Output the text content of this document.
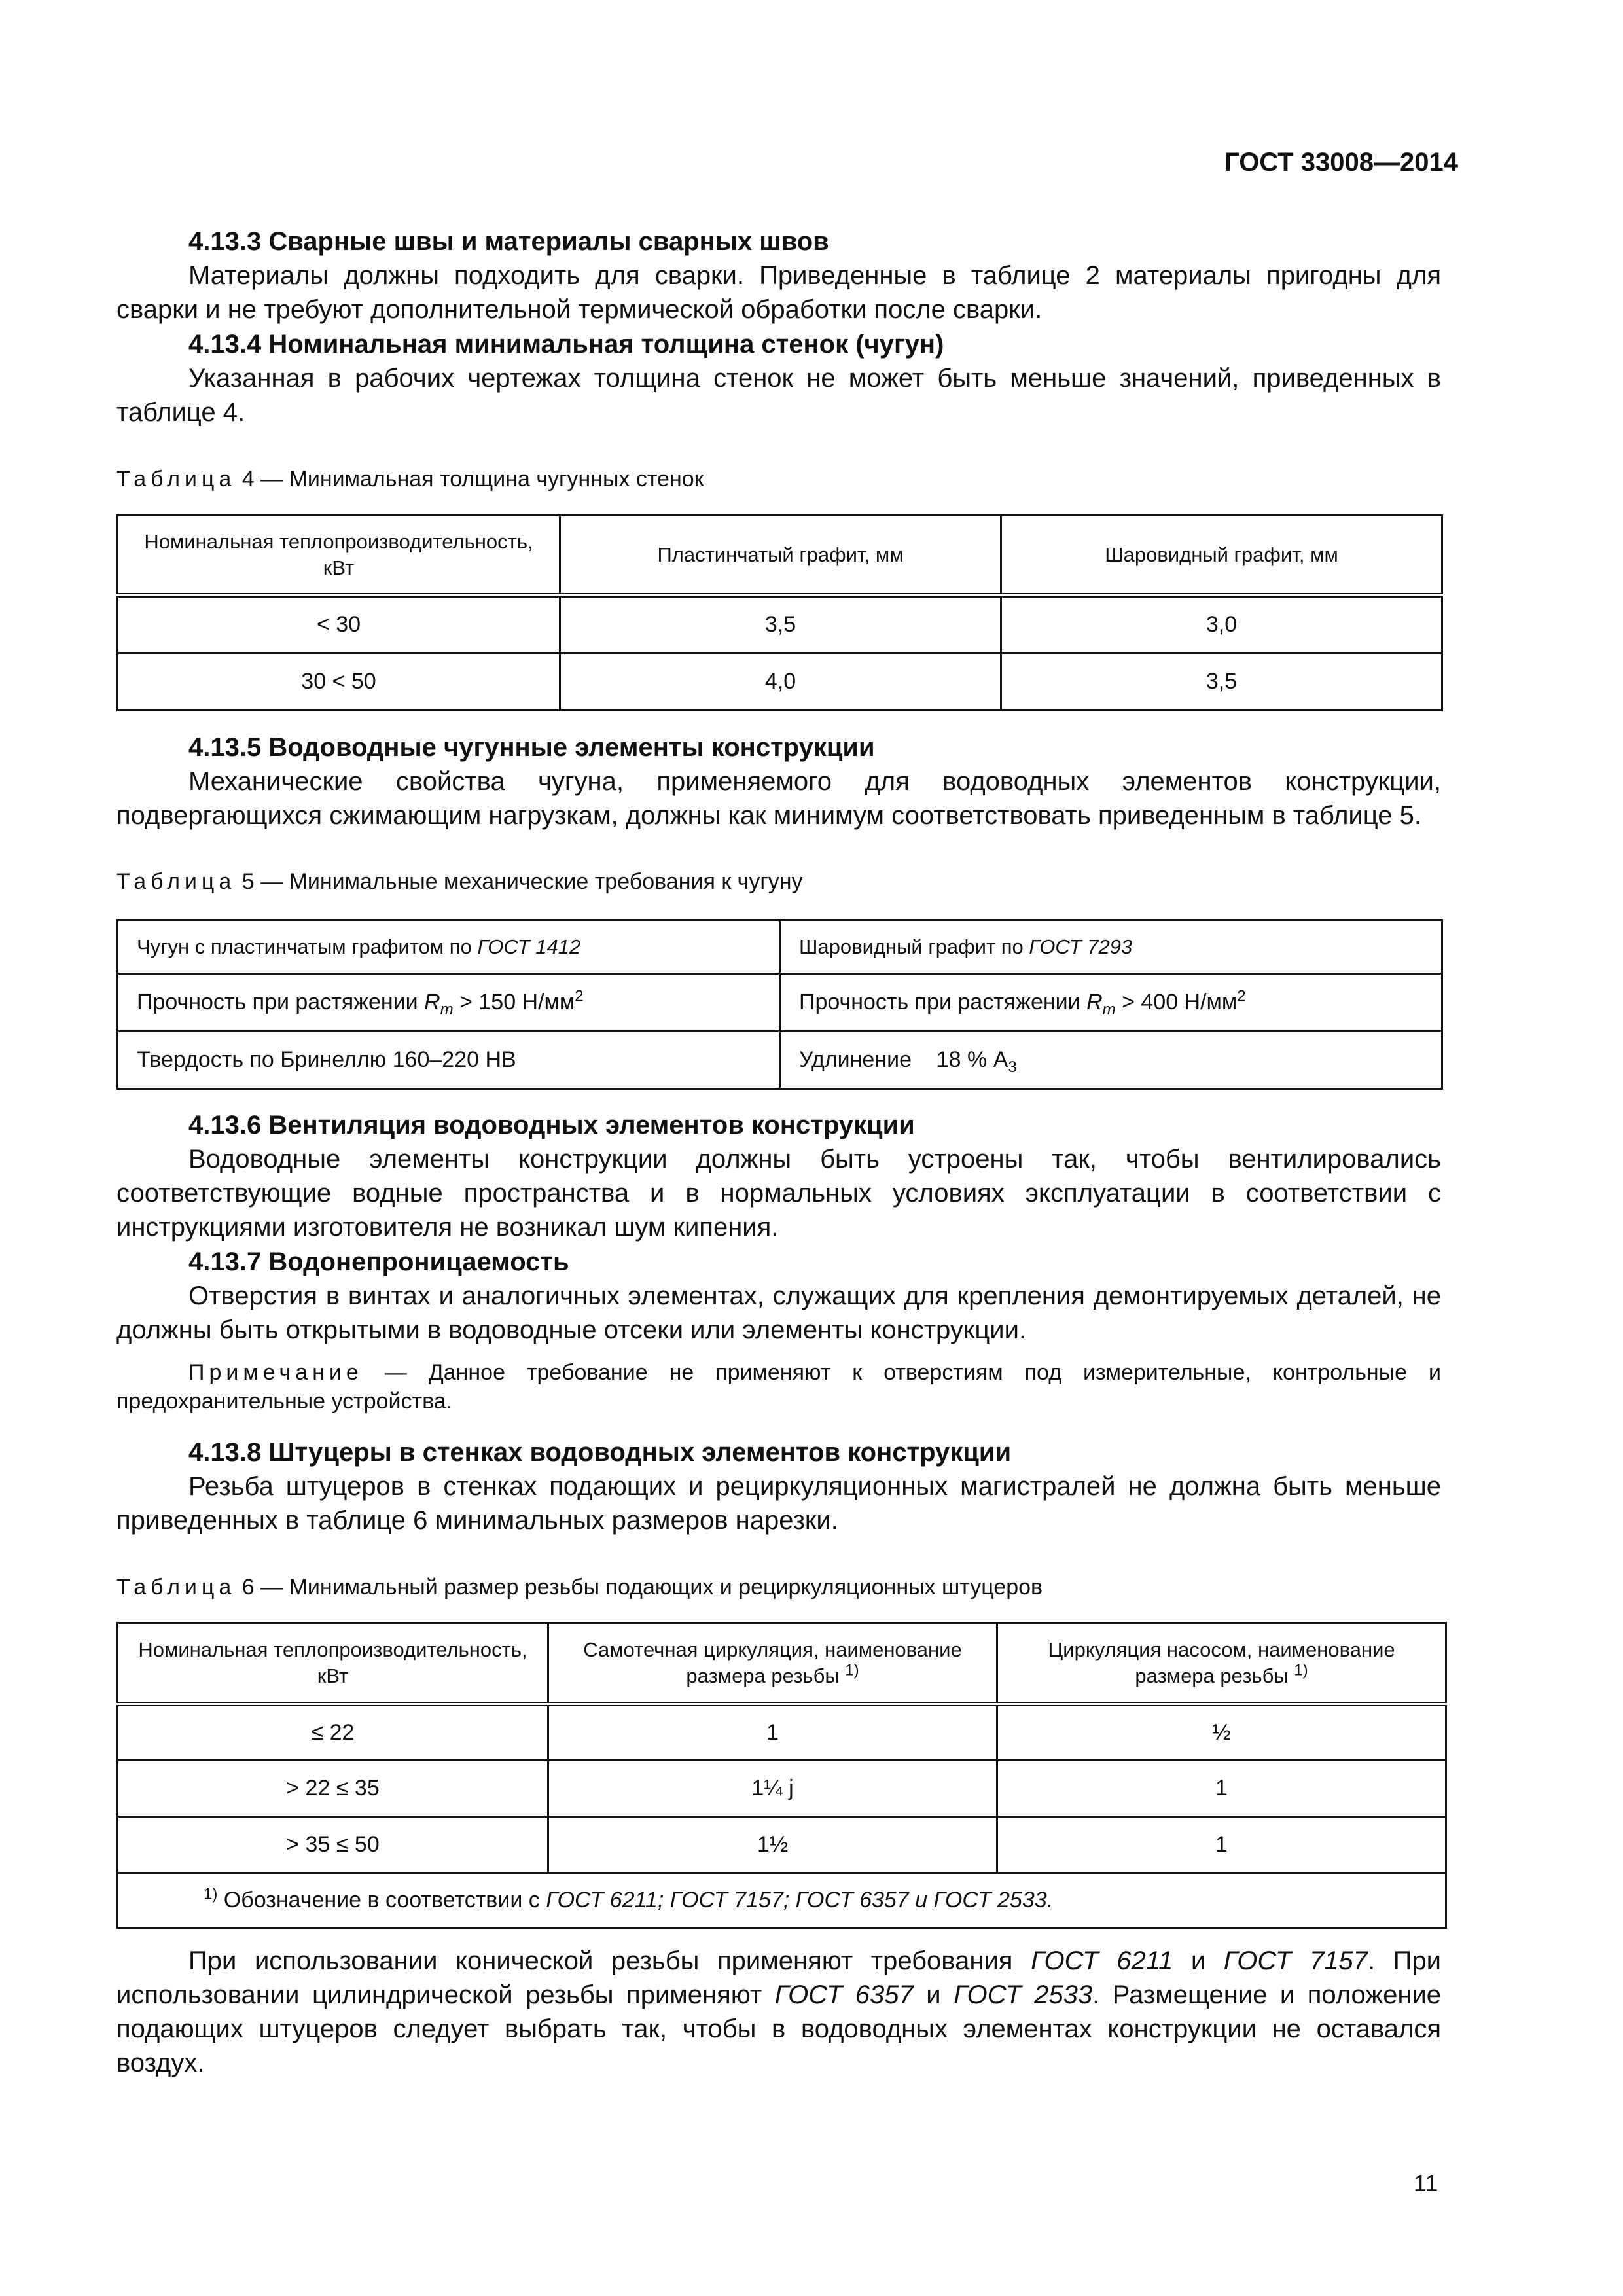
ГОСТ 33008—2014
4.13.3 Сварные швы и материалы сварных швов
Материалы должны подходить для сварки. Приведенные в таблице 2 материалы пригодны для сварки и не требуют дополнительной термической обработки после сварки.
4.13.4 Номинальная минимальная толщина стенок (чугун)
Указанная в рабочих чертежах толщина стенок не может быть меньше значений, приведенных в таблице 4.
Таблица 4 — Минимальная толщина чугунных стенок
Номинальная теплопроизводительность, кВт	Пластинчатый графит, мм	Шаровидный графит, мм
< 30	3,5	3,0
30 < 50	4,0	3,5
4.13.5 Водоводные чугунные элементы конструкции
Механические свойства чугуна, применяемого для водоводных элементов конструкции, подвергающихся сжимающим нагрузкам, должны как минимум соответствовать приведенным в таблице 5.
Таблица 5 — Минимальные механические требования к чугуну
Чугун с пластинчатым графитом по ГОСТ 1412	Шаровидный графит по ГОСТ 7293
Прочность при растяжении $R_m > 150$ $Н/мм^2$	Прочность при растяжении $R_m > 400$ $Н/мм^2$
Твердость по Бринеллю 160–220 НВ	Удлинение    18 % $А_3$
4.13.6 Вентиляция водоводных элементов конструкции
Водоводные элементы конструкции должны быть устроены так, чтобы вентилировались соответствующие водные пространства и в нормальных условиях эксплуатации в соответствии с инструкциями изготовителя не возникал шум кипения.
4.13.7 Водонепроницаемость
Отверстия в винтах и аналогичных элементах, служащих для крепления демонтируемых деталей, не должны быть открытыми в водоводные отсеки или элементы конструкции.
Примечание — Данное требование не применяют к отверстиям под измерительные, контрольные и предохранительные устройства.
4.13.8 Штуцеры в стенках водоводных элементов конструкции
Резьба штуцеров в стенках подающих и рециркуляционных магистралей не должна быть меньше приведенных в таблице 6 минимальных размеров нарезки.
Таблица 6 — Минимальный размер резьбы подающих и рециркуляционных штуцеров
Номинальная теплопроизводительность, кВт	Самотечная циркуляция, наименование размера резьбы $^{1)}$	Циркуляция насосом, наименование размера резьбы $^{1)}$
≤ 22	1	½
> 22 ≤ 35	1¼ j	1
> 35 ≤ 50	1½	1
$^{1)}$ Обозначение в соответствии с ГОСТ 6211; ГОСТ 7157; ГОСТ 6357 и ГОСТ 2533.		
При использовании конической резьбы применяют требования ГОСТ 6211 и ГОСТ 7157. При использовании цилиндрической резьбы применяют ГОСТ 6357 и ГОСТ 2533. Размещение и положение подающих штуцеров следует выбрать так, чтобы в водоводных элементах конструкции не оставался воздух.
11
